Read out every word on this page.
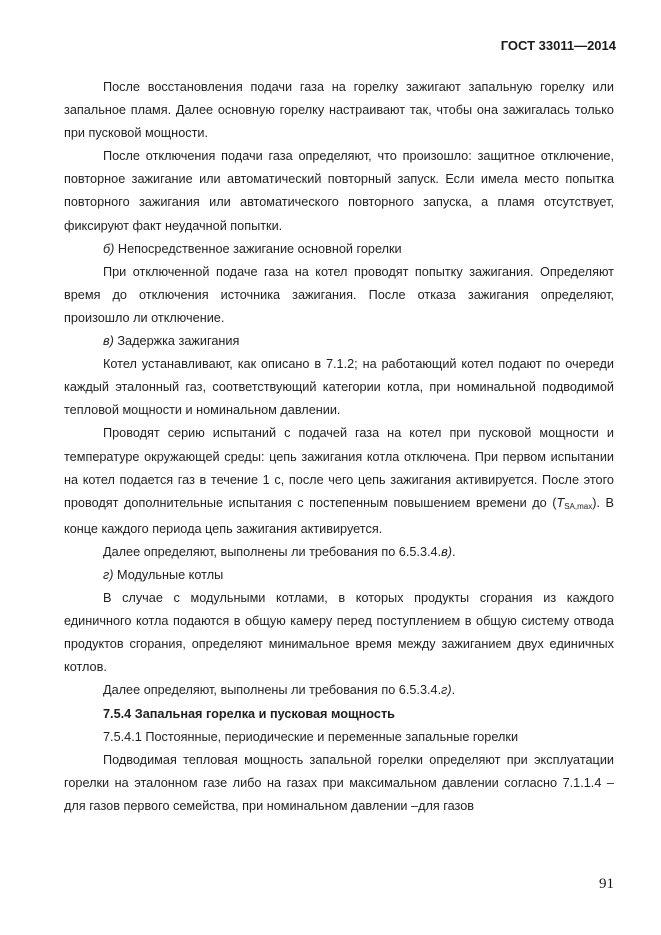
ГОСТ 33011—2014

После восстановления подачи газа на горелку зажигают запальную горелку или запальное пламя. Далее основную горелку настраивают так, чтобы она зажигалась только при пусковой мощности.

После отключения подачи газа определяют, что произошло: защитное отключение, повторное зажигание или автоматический повторный запуск. Если имела место попытка повторного зажигания или автоматического повторного запуска, а пламя отсутствует, фиксируют факт неудачной попытки.

б) Непосредственное зажигание основной горелки

При отключенной подаче газа на котел проводят попытку зажигания. Определяют время до отключения источника зажигания. После отказа зажигания определяют, произошло ли отключение.

в) Задержка зажигания

Котел устанавливают, как описано в 7.1.2; на работающий котел подают по очереди каждый эталонный газ, соответствующий категории котла, при номинальной подводимой тепловой мощности и номинальном давлении.

Проводят серию испытаний с подачей газа на котел при пусковой мощности и температуре окружающей среды: цепь зажигания котла отключена. При первом испытании на котел подается газ в течение 1 с, после чего цепь зажигания активируется. После этого проводят дополнительные испытания с постепенным повышением времени до $(T_{SA,max})$. В конце каждого периода цепь зажигания активируется.

Далее определяют, выполнены ли требования по 6.5.3.4.в).

г) Модульные котлы

В случае с модульными котлами, в которых продукты сгорания из каждого единичного котла подаются в общую камеру перед поступлением в общую систему отвода продуктов сгорания, определяют минимальное время между зажиганием двух единичных котлов.

Далее определяют, выполнены ли требования по 6.5.3.4.г).

7.5.4 Запальная горелка и пусковая мощность

7.5.4.1 Постоянные, периодические и переменные запальные горелки

Подводимая тепловая мощность запальной горелки определяют при эксплуатации горелки на эталонном газе либо на газах при максимальном давлении согласно 7.1.1.4 – для газов первого семейства, при номинальном давлении –для газов

91
